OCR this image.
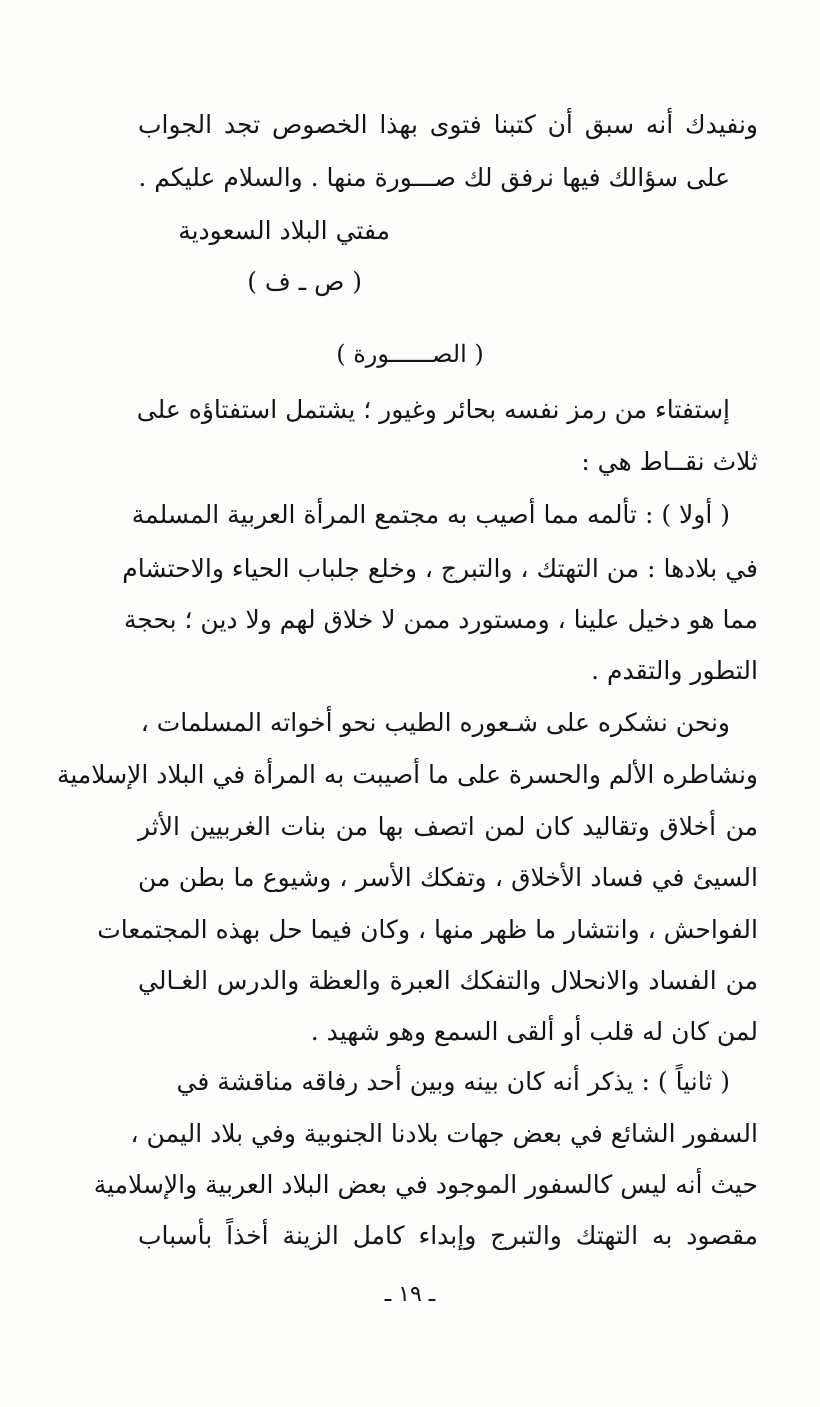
ونفيدك أنه سبق أن كتبنا فتوى بهذا الخصوص تجد الجواب
على سؤالك فيها نرفق لك صـــورة منها . والسلام عليكم .
مفتي البلاد السعودية
( ص ـ ف )
( الصــــــورة )
إستفتاء من رمز نفسه بحائر وغيور ؛ يشتمل استفتاؤه على
ثلاث نقــاط هي :
( أولا ) : تألمه مما أصيب به مجتمع المرأة العربية المسلمة
في بلادها : من التهتك ، والتبرج ، وخلع جلباب الحياء والاحتشام
مما هو دخيل علينا ، ومستورد ممن لا خلاق لهم ولا دين ؛ بحجة
التطور والتقدم .
ونحن نشكره على شـعوره الطيب نحو أخواته المسلمات ،
ونشاطره الألم والحسرة على ما أصيبت به المرأة في البلاد الإسلامية
من أخلاق وتقاليد كان لمن اتصف بها من بنات الغربيين الأثر
السيئ في فساد الأخلاق ، وتفكك الأسر ، وشيوع ما بطن من
الفواحش ، وانتشار ما ظهر منها ، وكان فيما حل بهذه المجتمعات
من الفساد والانحلال والتفكك العبرة والعظة والدرس الغـالي
لمن كان له قلب أو ألقى السمع وهو شهيد .
( ثانياً ) : يذكر أنه كان بينه وبين أحد رفاقه مناقشة في
السفور الشائع في بعض جهات بلادنا الجنوبية وفي بلاد اليمن ،
حيث أنه ليس كالسفور الموجود في بعض البلاد العربية والإسلامية
مقصود به التهتك والتبرج وإبداء كامل الزينة أخذاً بأسباب
ـ ١٩ ـ
